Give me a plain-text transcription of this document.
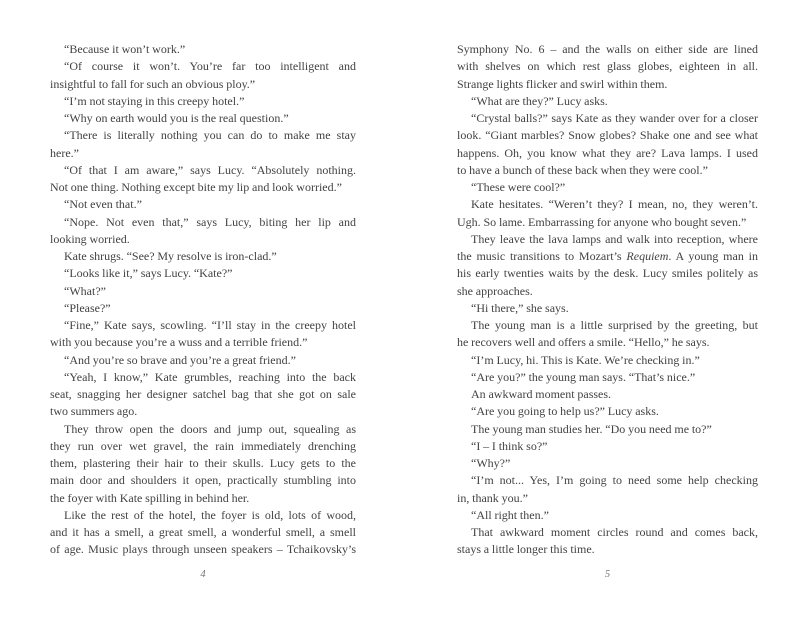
“Because it won’t work.”
“Of course it won’t. You’re far too intelligent and
insightful to fall for such an obvious ploy.”
“I’m not staying in this creepy hotel.”
“Why on earth would you is the real question.”
“There is literally nothing you can do to make me stay
here.”
“Of that I am aware,” says Lucy. “Absolutely nothing.
Not one thing. Nothing except bite my lip and look worried.”
“Not even that.”
“Nope. Not even that,” says Lucy, biting her lip and
looking worried.
Kate shrugs. “See? My resolve is iron-clad.”
“Looks like it,” says Lucy. “Kate?”
“What?”
“Please?”
“Fine,” Kate says, scowling. “I’ll stay in the creepy hotel
with you because you’re a wuss and a terrible friend.”
“And you’re so brave and you’re a great friend.”
“Yeah, I know,” Kate grumbles, reaching into the back
seat, snagging her designer satchel bag that she got on sale
two summers ago.
They throw open the doors and jump out, squealing as
they run over wet gravel, the rain immediately drenching
them, plastering their hair to their skulls. Lucy gets to the
main door and shoulders it open, practically stumbling into
the foyer with Kate spilling in behind her.
Like the rest of the hotel, the foyer is old, lots of wood,
and it has a smell, a great smell, a wonderful smell, a smell
of age. Music plays through unseen speakers – Tchaikovsky’s
4
Symphony No. 6 – and the walls on either side are lined
with shelves on which rest glass globes, eighteen in all.
Strange lights flicker and swirl within them.
“What are they?” Lucy asks.
“Crystal balls?” says Kate as they wander over for a closer
look. “Giant marbles? Snow globes? Shake one and see what
happens. Oh, you know what they are? Lava lamps. I used
to have a bunch of these back when they were cool.”
“These were cool?”
Kate hesitates. “Weren’t they? I mean, no, they weren’t.
Ugh. So lame. Embarrassing for anyone who bought seven.”
They leave the lava lamps and walk into reception, where
the music transitions to Mozart’s Requiem. A young man in
his early twenties waits by the desk. Lucy smiles politely as
she approaches.
“Hi there,” she says.
The young man is a little surprised by the greeting, but
he recovers well and offers a smile. “Hello,” he says.
“I’m Lucy, hi. This is Kate. We’re checking in.”
“Are you?” the young man says. “That’s nice.”
An awkward moment passes.
“Are you going to help us?” Lucy asks.
The young man studies her. “Do you need me to?”
“I – I think so?”
“Why?”
“I’m not... Yes, I’m going to need some help checking
in, thank you.”
“All right then.”
That awkward moment circles round and comes back,
stays a little longer this time.
5
